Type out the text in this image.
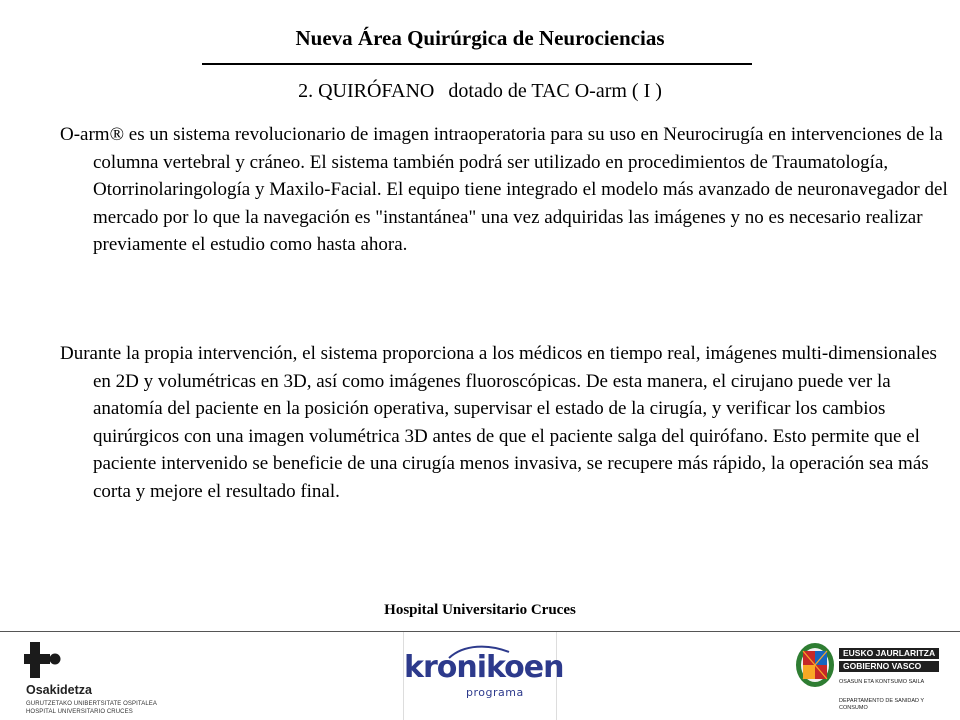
Nueva Área Quirúrgica de Neurociencias
2. QUIRÓFANO dotado de TAC O-arm ( I )

O-arm® es un sistema revolucionario de imagen intraoperatoria para su uso en Neurocirugía en intervenciones de la columna vertebral y cráneo. El sistema también podrá ser utilizado en procedimientos de Traumatología, Otorrinolaringología y Maxilo-Facial. El equipo tiene integrado el modelo más avanzado de neuronavegador del mercado por lo que la navegación es "instantánea" una vez adquiridas las imágenes y no es necesario realizar previamente el estudio como hasta ahora.

Durante la propia intervención, el sistema proporciona a los médicos en tiempo real, imágenes multi-dimensionales en 2D y volumétricas en 3D, así como imágenes fluoroscópicas. De esta manera, el cirujano puede ver la anatomía del paciente en la posición operativa, supervisar el estado de la cirugía, y verificar los cambios quirúrgicos con una imagen volumétrica 3D antes de que el paciente salga del quirófano. Esto permite que el paciente intervenido se beneficie de una cirugía menos invasiva, se recupere más rápido, la operación sea más corta y mejore el resultado final.

Hospital Universitario Cruces
Osakidetza
GURUTZETAKO UNIBERTSITATE OSPITALEA
HOSPITAL UNIVERSITARIO CRUCES
kronikoen
programa
EUSKO JAURLARITZA
GOBIERNO VASCO
OSASUN ETA KONTSUMO SAILA
DEPARTAMENTO DE SANIDAD Y CONSUMO
